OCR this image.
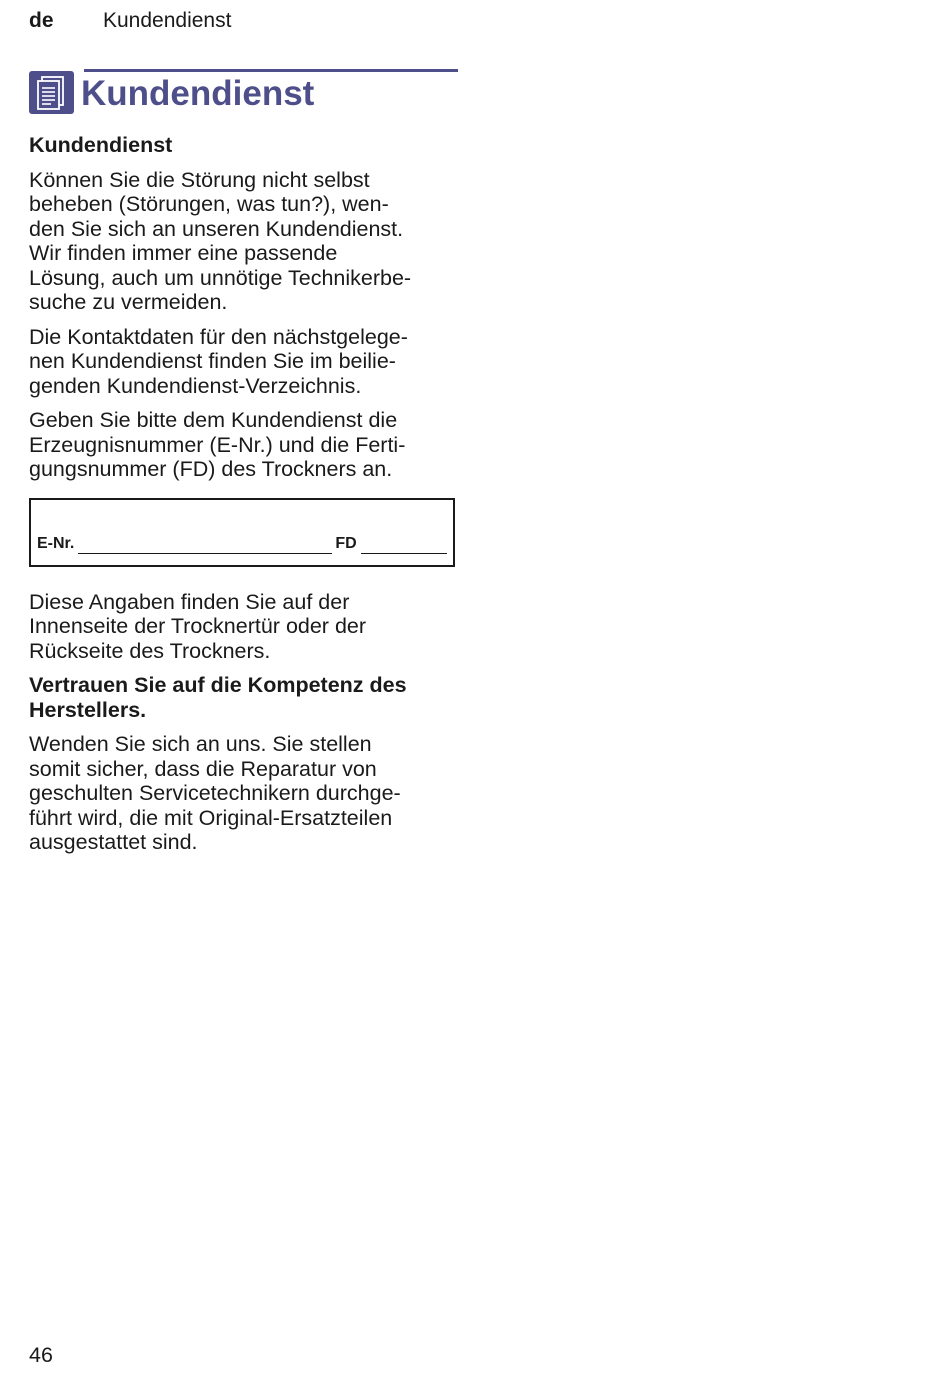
de Kundendienst
Kundendienst
Kundendienst

Können Sie die Störung nicht selbst
beheben (Störungen, was tun?), wen-
den Sie sich an unseren Kundendienst.
Wir finden immer eine passende
Lösung, auch um unnötige Technikerbe-
suche zu vermeiden.

Die Kontaktdaten für den nächstgelege-
nen Kundendienst finden Sie im beilie-
genden Kundendienst-Verzeichnis.

Geben Sie bitte dem Kundendienst die
Erzeugnisnummer (E-Nr.) und die Ferti-
gungsnummer (FD) des Trockners an.

E-Nr.	FD

Diese Angaben finden Sie auf der
Innenseite der Trocknertür oder der
Rückseite des Trockners.

Vertrauen Sie auf die Kompetenz des
Herstellers.

Wenden Sie sich an uns. Sie stellen
somit sicher, dass die Reparatur von
geschulten Servicetechnikern durchge-
führt wird, die mit Original-Ersatzteilen
ausgestattet sind.

46
